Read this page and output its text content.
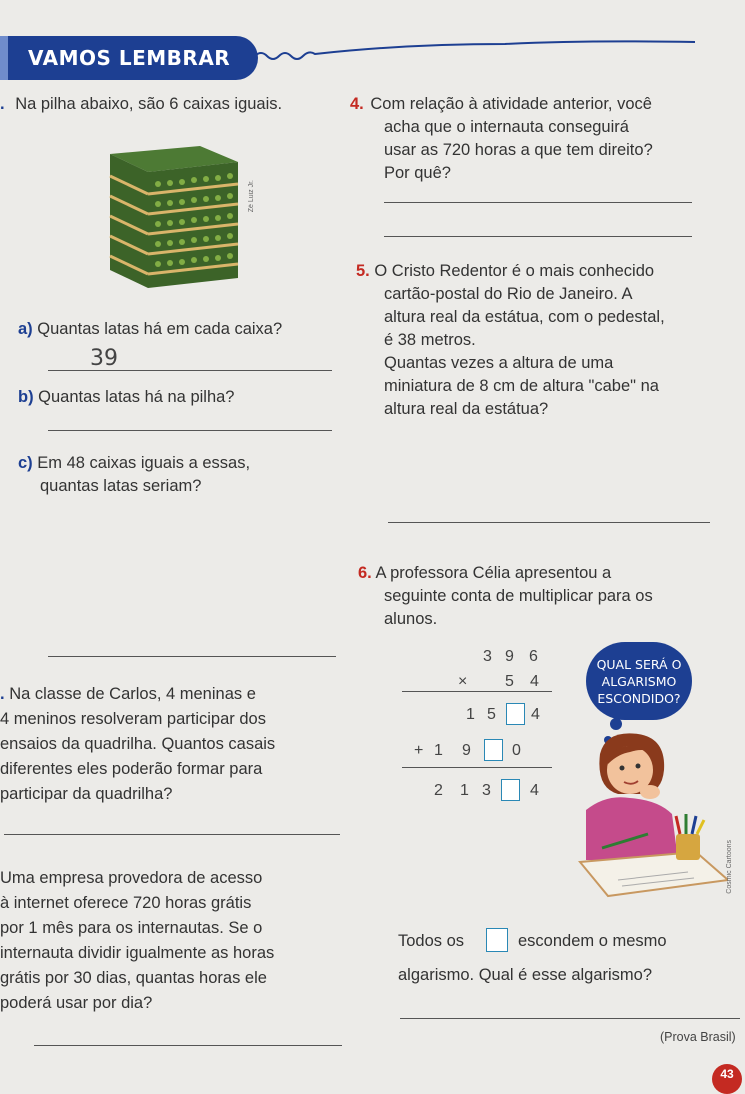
VAMOS LEMBRAR
. Na pilha abaixo, são 6 caixas iguais.
Zé Luiz Jr.
a) Quantas latas há em cada caixa?
39
b) Quantas latas há na pilha?
c) Em 48 caixas iguais a essas,
quantas latas seriam?
. Na classe de Carlos, 4 meninas e
4 meninos resolveram participar dos
ensaios da quadrilha. Quantos casais
diferentes eles poderão formar para
participar da quadrilha?
Uma empresa provedora de acesso
à internet oferece 720 horas grátis
por 1 mês para os internautas. Se o
internauta dividir igualmente as horas
grátis por 30 dias, quantas horas ele
poderá usar por dia?
4. Com relação à atividade anterior, você
acha que o internauta conseguirá
usar as 720 horas a que tem direito?
Por quê?
5. O Cristo Redentor é o mais conhecido
cartão-postal do Rio de Janeiro. A
altura real da estátua, com o pedestal,
é 38 metros.
Quantas vezes a altura de uma
miniatura de 8 cm de altura "cabe" na
altura real da estátua?
6. A professora Célia apresentou a
seguinte conta de multiplicar para os
alunos.
3 9 6
× 5 4
1 5 4
+ 1 9	0
2 1 3 4
QUAL SERÁ O
ALGARISMO
ESCONDIDO?
Cosmic Cartoons
Todos os	escondem o mesmo
algarismo. Qual é esse algarismo?
(Prova Brasil)
43
